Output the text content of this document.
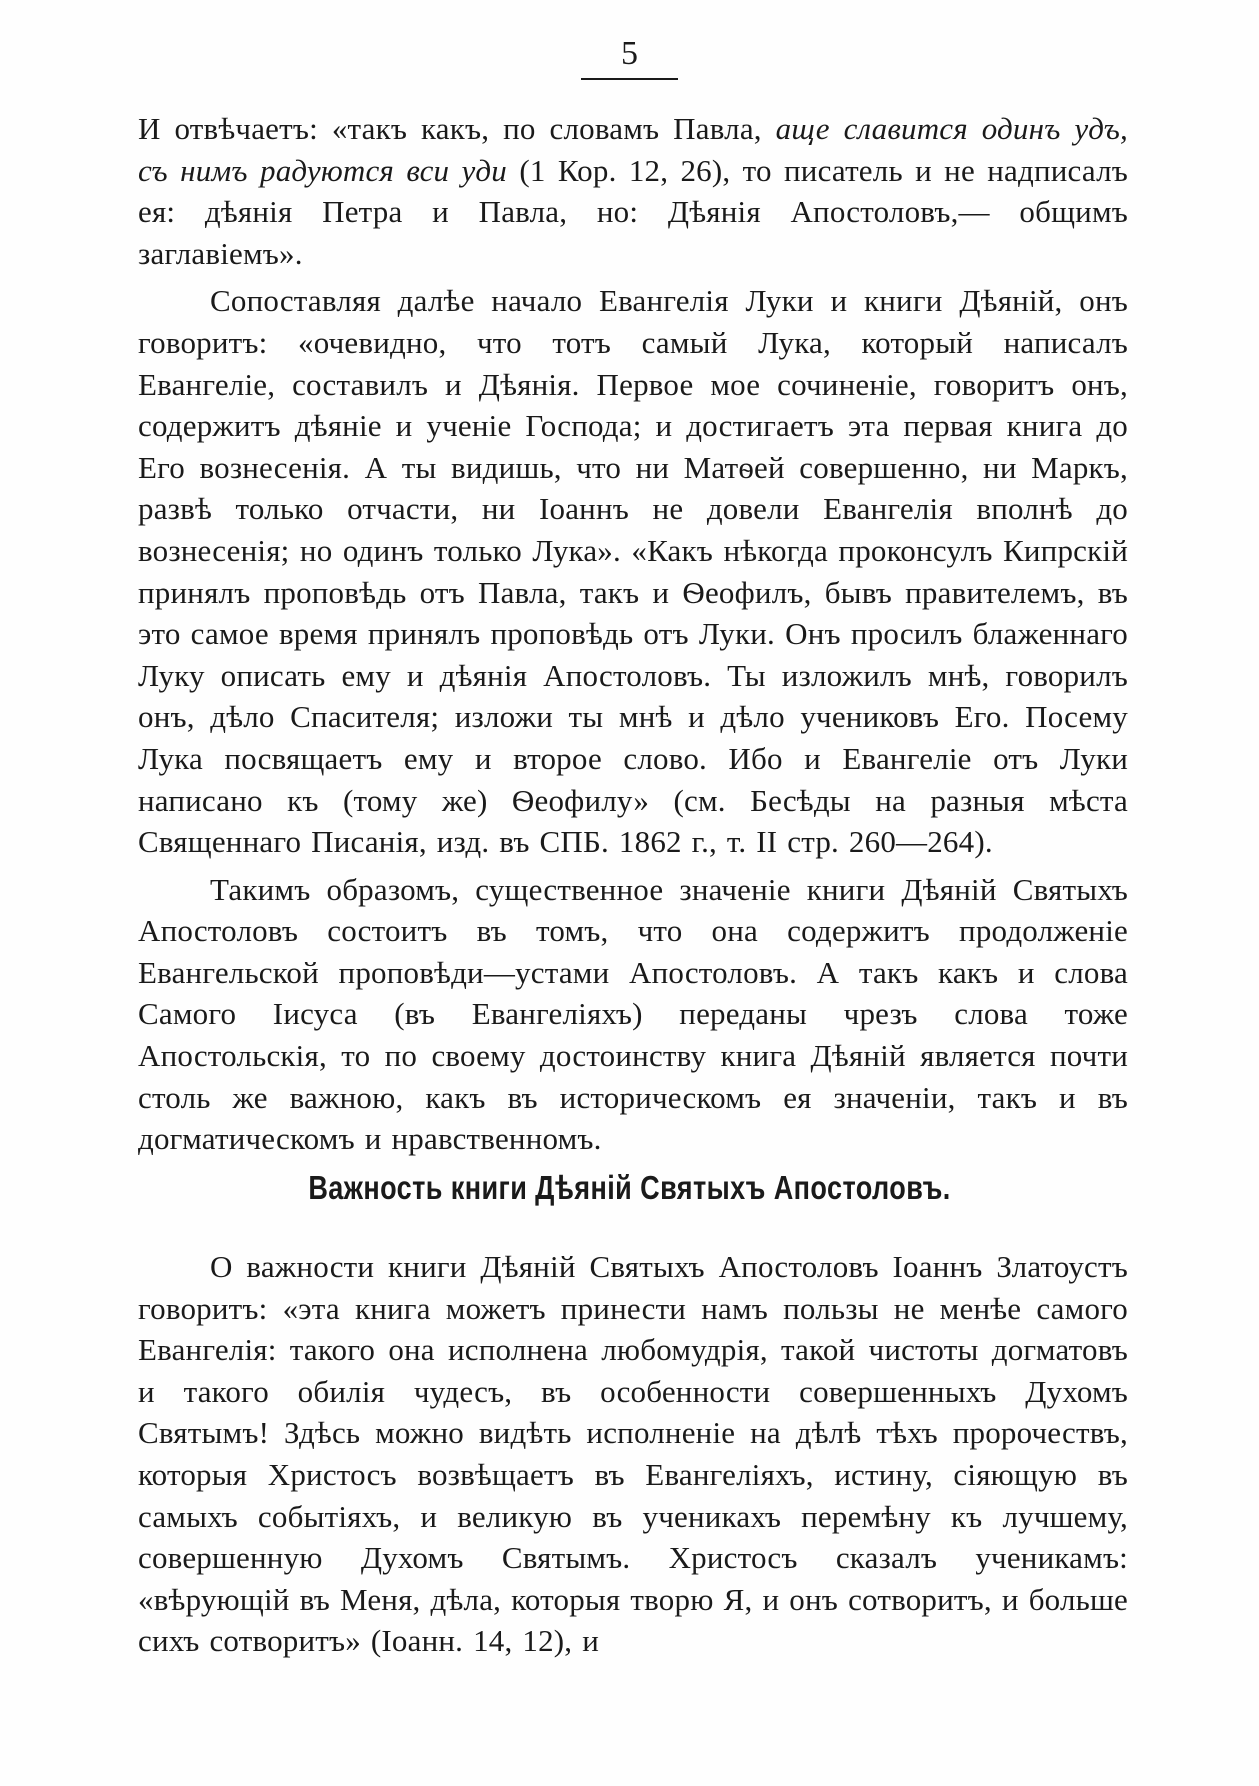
5

И отвѣчаетъ: «такъ какъ, по словамъ Павла, аще славится одинъ удъ, съ нимъ радуются вси уди (1 Кор. 12, 26), то писатель и не надписалъ ея: дѣянія Петра и Павла, но: Дѣянія Апостоловъ,— общимъ заглавіемъ».

Сопоставляя далѣе начало Евангелія Луки и книги Дѣяній, онъ говоритъ: «очевидно, что тотъ самый Лука, который написалъ Евангеліе, составилъ и Дѣянія. Первое мое сочиненіе, говоритъ онъ, содержитъ дѣяніе и ученіе Господа; и достигаетъ эта первая книга до Его вознесенія. А ты видишь, что ни Матѳей совершенно, ни Маркъ, развѣ только отчасти, ни Іоаннъ не довели Евангелія вполнѣ до вознесенія; но одинъ только Лука». «Какъ нѣкогда проконсулъ Кипрскій принялъ проповѣдь отъ Павла, такъ и Ѳеофилъ, бывъ правителемъ, въ это самое время принялъ проповѣдь отъ Луки. Онъ просилъ блаженнаго Луку описать ему и дѣянія Апостоловъ. Ты изложилъ мнѣ, говорилъ онъ, дѣло Спасителя; изложи ты мнѣ и дѣло учениковъ Его. Посему Лука посвящаетъ ему и второе слово. Ибо и Евангеліе отъ Луки написано къ (тому же) Ѳеофилу» (см. Бесѣды на разныя мѣста Священнаго Писанія, изд. въ СПБ. 1862 г., т. II стр. 260—264).

Такимъ образомъ, существенное значеніе книги Дѣяній Святыхъ Апостоловъ состоитъ въ томъ, что она содержитъ продолженіе Евангельской проповѣди—устами Апостоловъ. А такъ какъ и слова Самого Іисуса (въ Евангеліяхъ) переданы чрезъ слова тоже Апостольскія, то по своему достоинству книга Дѣяній является почти столь же важною, какъ въ историческомъ ея значеніи, такъ и въ догматическомъ и нравственномъ.

Важность книги Дѣяній Святыхъ Апостоловъ.

О важности книги Дѣяній Святыхъ Апостоловъ Іоаннъ Златоустъ говоритъ: «эта книга можетъ принести намъ пользы не менѣе самого Евангелія: такого она исполнена любомудрія, такой чистоты догматовъ и такого обилія чудесъ, въ особенности совершенныхъ Духомъ Святымъ! Здѣсь можно видѣть исполненіе на дѣлѣ тѣхъ пророчествъ, которыя Христосъ возвѣщаетъ въ Евангеліяхъ, истину, сіяющую въ самыхъ событіяхъ, и великую въ ученикахъ перемѣну къ лучшему, совершенную Духомъ Святымъ. Христосъ сказалъ ученикамъ: «вѣрующій въ Меня, дѣла, которыя творю Я, и онъ сотворитъ, и больше сихъ сотворитъ» (Іоанн. 14, 12), и
